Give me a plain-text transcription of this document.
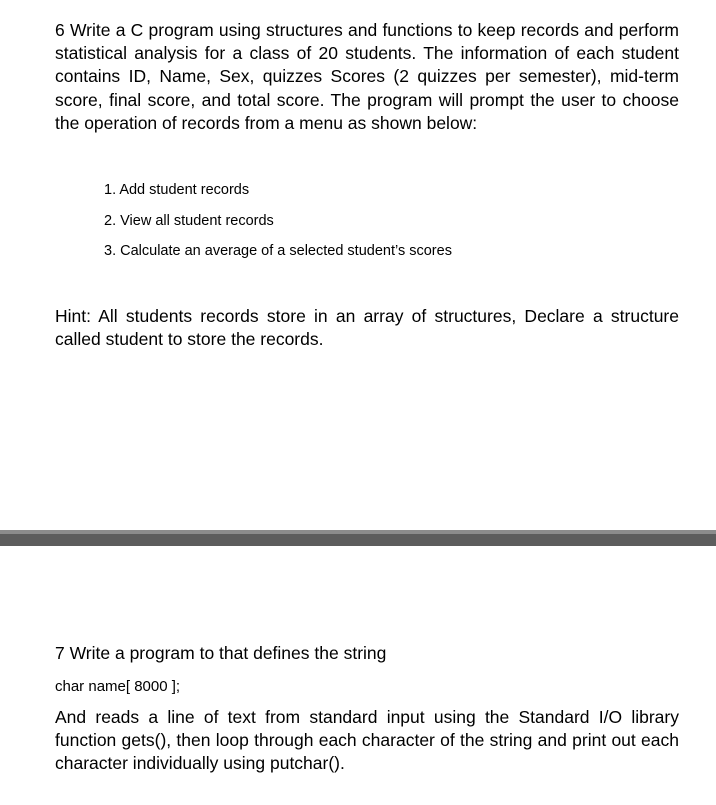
6 Write a C program using structures and functions to keep records and perform statistical analysis for a class of 20 students. The information of each student contains ID, Name, Sex, quizzes Scores (2 quizzes per semester), mid-term score, final score, and total score. The program will prompt the user to choose the operation of records from a menu as shown below:

1. Add student records
2. View all student records
3. Calculate an average of a selected student’s scores

Hint: All students records store in an array of structures, Declare a structure called student to store the records.

7 Write a program to that defines the string

char name[ 8000 ];

And reads a line of text from standard input using the Standard I/O library function gets(), then loop through each character of the string and print out each character individually using putchar().
